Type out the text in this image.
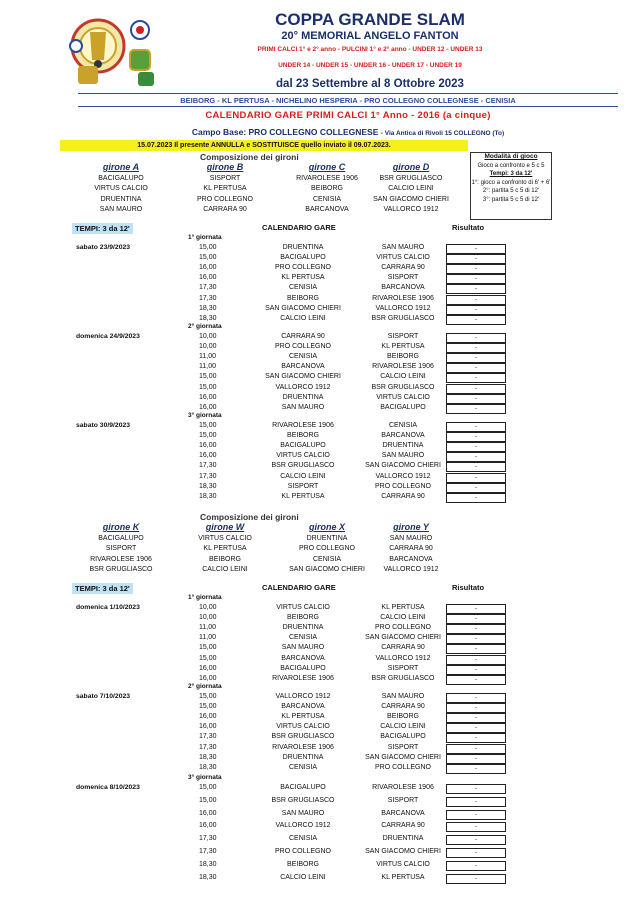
COPPA GRANDE SLAM
20° MEMORIAL ANGELO FANTON
PRIMI CALCI 1° e 2° anno - PULCINI 1° e 2° anno - UNDER 12 - UNDER 13
UNDER 14 - UNDER 15 - UNDER 16 - UNDER 17 - UNDER 19
dal 23 Settembre al 8 Ottobre 2023
BEIBORG - KL PERTUSA - NICHELINO HESPERIA - PRO COLLEGNO COLLEGNESE - CENISIA
CALENDARIO GARE PRIMI CALCI 1° Anno - 2016 (a cinque)
Campo Base: PRO COLLEGNO COLLEGNESE - Via Antica di Rivoli 15 COLLEGNO (To)
15.07.2023 Il presente ANNULLA e SOSTITUISCE quello inviato il 09.07.2023.
Composizione dei gironi
girone A
BACIGALUPO
VIRTUS CALCIO
DRUENTINA
SAN MAURO
girone B
SISPORT
KL PERTUSA
PRO COLLEGNO
CARRARA 90
girone C
RIVAROLESE 1906
BEIBORG
CENISIA
BARCANOVA
girone D
BSR GRUGLIASCO
CALCIO LEINI
SAN GIACOMO CHIERI
VALLORCO 1912
Modalità di gioco
Gioco a confronto e 5 c 5
Tempi: 3 da 12'
1°: gioco a confronto di 6' + 6'
2°: partita 5 c 5 di 12'
3°: partita 5 c 5 di 12'
TEMPI: 3 da 12'	CALENDARIO GARE	Risultato
1° giornata
sabato 23/9/2023	15,00	DRUENTINA	SAN MAURO	-
15,00	BACIGALUPO	VIRTUS CALCIO	-
16,00	PRO COLLEGNO	CARRARA 90	-
16,00	KL PERTUSA	SISPORT	-
17,30	CENISIA	BARCANOVA	-
17,30	BEIBORG	RIVAROLESE 1906	-
18,30	SAN GIACOMO CHIERI	VALLORCO 1912	-
18,30	CALCIO LEINI	BSR GRUGLIASCO	-
2° giornata
domenica 24/9/2023	10,00	CARRARA 90	SISPORT	-
10,00	PRO COLLEGNO	KL PERTUSA	-
11,00	CENISIA	BEIBORG	-
11,00	BARCANOVA	RIVAROLESE 1906	-
15,00	SAN GIACOMO CHIERI	CALCIO LEINI	-
15,00	VALLORCO 1912	BSR GRUGLIASCO	-
16,00	DRUENTINA	VIRTUS CALCIO	-
16,00	SAN MAURO	BACIGALUPO	-
3° giornata
sabato 30/9/2023	15,00	RIVAROLESE 1906	CENISIA	-
15,00	BEIBORG	BARCANOVA	-
16,00	BACIGALUPO	DRUENTINA	-
16,00	VIRTUS CALCIO	SAN MAURO	-
17,30	BSR GRUGLIASCO	SAN GIACOMO CHIERI	-
17,30	CALCIO LEINI	VALLORCO 1912	-
18,30	SISPORT	PRO COLLEGNO	-
18,30	KL PERTUSA	CARRARA 90	-
Composizione dei gironi
girone K
BACIGALUPO
SISPORT
RIVAROLESE 1906
BSR GRUGLIASCO
girone W
VIRTUS CALCIO
KL PERTUSA
BEIBORG
CALCIO LEINI
girone X
DRUENTINA
PRO COLLEGNO
CENISIA
SAN GIACOMO CHIERI
girone Y
SAN MAURO
CARRARA 90
BARCANOVA
VALLORCO 1912
TEMPI: 3 da 12'	CALENDARIO GARE	Risultato
1° giornata
domenica 1/10/2023	10,00	VIRTUS CALCIO	KL PERTUSA	-
10,00	BEIBORG	CALCIO LEINI	-
11,00	DRUENTINA	PRO COLLEGNO	-
11,00	CENISIA	SAN GIACOMO CHIERI	-
15,00	SAN MAURO	CARRARA 90	-
15,00	BARCANOVA	VALLORCO 1912	-
16,00	BACIGALUPO	SISPORT	-
16,00	RIVAROLESE 1906	BSR GRUGLIASCO	-
2° giornata
sabato 7/10/2023	15,00	VALLORCO 1912	SAN MAURO	-
15,00	BARCANOVA	CARRARA 90	-
16,00	KL PERTUSA	BEIBORG	-
16,00	VIRTUS CALCIO	CALCIO LEINI	-
17,30	BSR GRUGLIASCO	BACIGALUPO	-
17,30	RIVAROLESE 1906	SISPORT	-
18,30	DRUENTINA	SAN GIACOMO CHIERI	-
18,30	CENISIA	PRO COLLEGNO	-
3° giornata
domenica 8/10/2023	15,00	BACIGALUPO	RIVAROLESE 1906	-
15,00	BSR GRUGLIASCO	SISPORT	-
16,00	SAN MAURO	BARCANOVA	-
16,00	VALLORCO 1912	CARRARA 90	-
17,30	CENISIA	DRUENTINA	-
17,30	PRO COLLEGNO	SAN GIACOMO CHIERI	-
18,30	BEIBORG	VIRTUS CALCIO	-
18,30	CALCIO LEINI	KL PERTUSA	-
